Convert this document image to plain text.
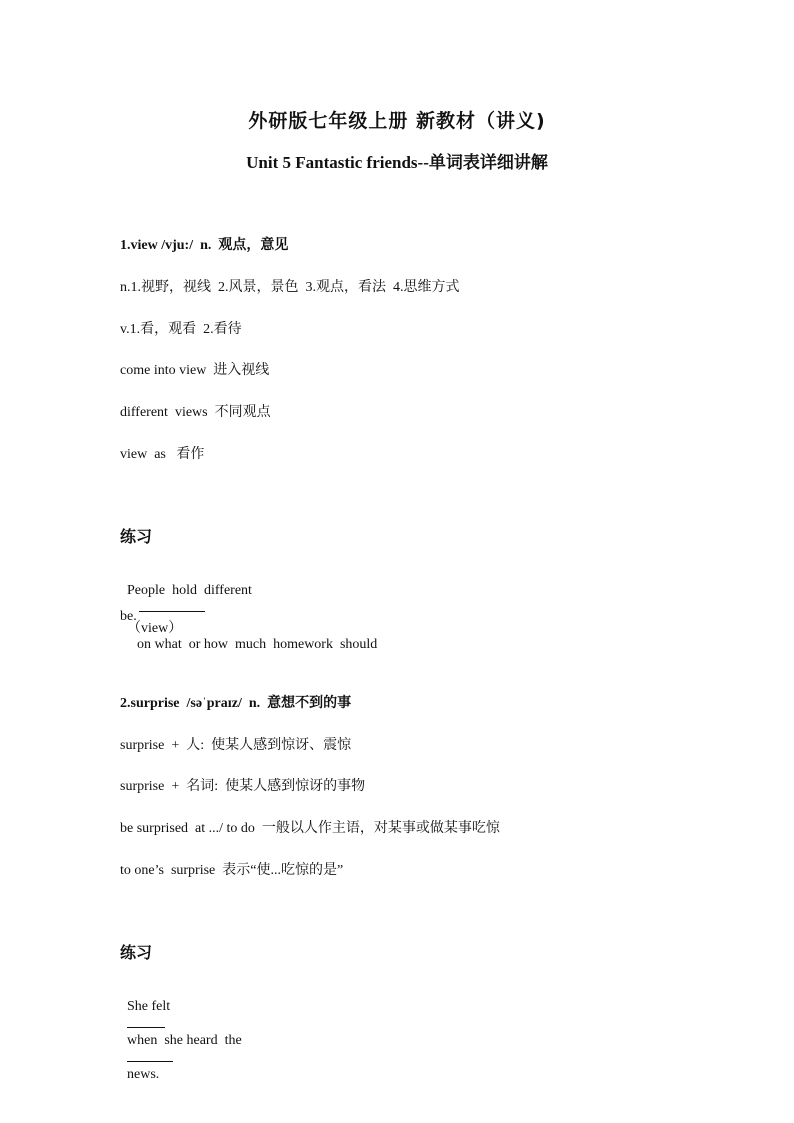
外研版七年级上册 新教材（讲义)
Unit 5 Fantastic friends--单词表详细讲解
1.view /vju:/  n.  观点，意见
n.1.视野，视线  2.风景，景色  3.观点，看法  4.思维方式
v.1.看，观看  2.看待
come into view  进入视线
different  views  不同观点
view  as   看作
练习

People  hold  different

（view）
on what  or how  much  homework  should

be.
2.surprise  /səˈpraɪz/  n.  意想不到的事
surprise  +  人:  使某人感到惊讶、震惊
surprise  +  名词:  使某人感到惊讶的事物
be surprised  at .../ to do  一般以人作主语，对某事或做某事吃惊
to one’s  surprise  表示“使...吃惊的是”
练习

She felt

when  she heard  the

news.
